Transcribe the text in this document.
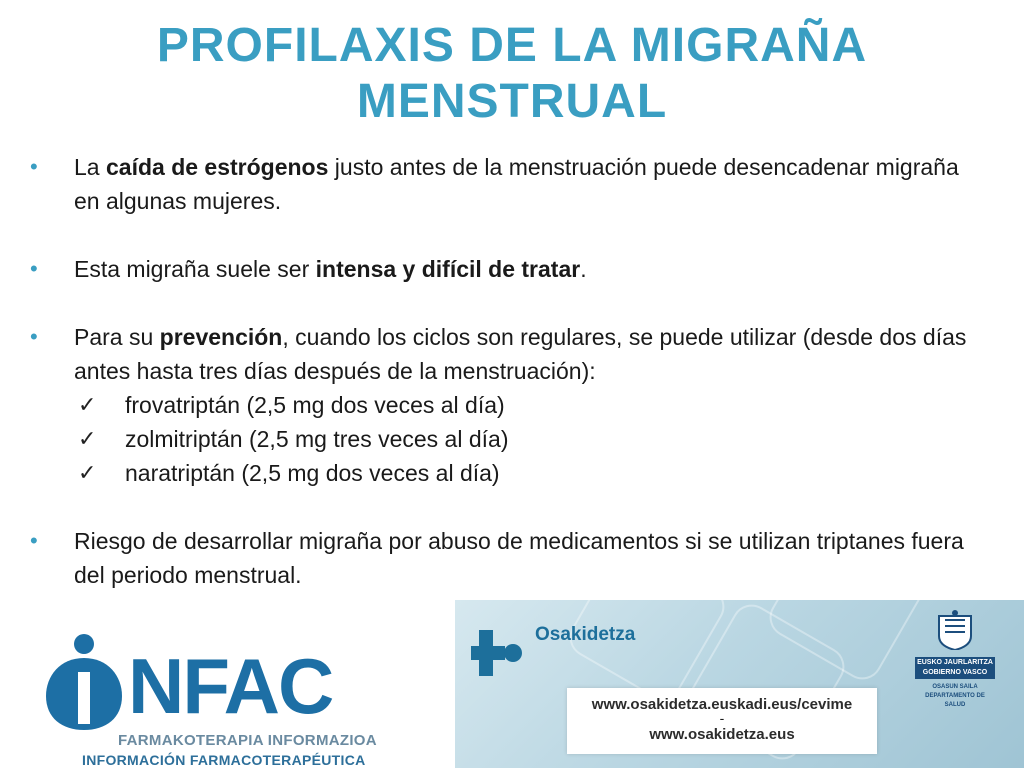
PROFILAXIS DE LA MIGRAÑA
MENSTRUAL

• La caída de estrógenos justo antes de la menstruación puede desencadenar migraña en algunas mujeres.

• Esta migraña suele ser intensa y difícil de tratar.

• Para su prevención, cuando los ciclos son regulares, se puede utilizar (desde dos días antes hasta tres días después de la menstruación):

✓ frovatriptán (2,5 mg dos veces al día)
✓ zolmitriptán (2,5 mg tres veces al día)
✓ naratriptán (2,5 mg dos veces al día)

• Riesgo de desarrollar migraña por abuso de medicamentos si se utilizan triptanes fuera del periodo menstrual.

NFAC
FARMAKOTERAPIA INFORMAZIOA
INFORMACIÓN FARMACOTERAPÉUTICA
Osakidetza
www.osakidetza.euskadi.eus/cevime
-
www.osakidetza.eus
EUSKO JAURLARITZA
GOBIERNO VASCO
OSASUN SAILA
DEPARTAMENTO DE SALUD
